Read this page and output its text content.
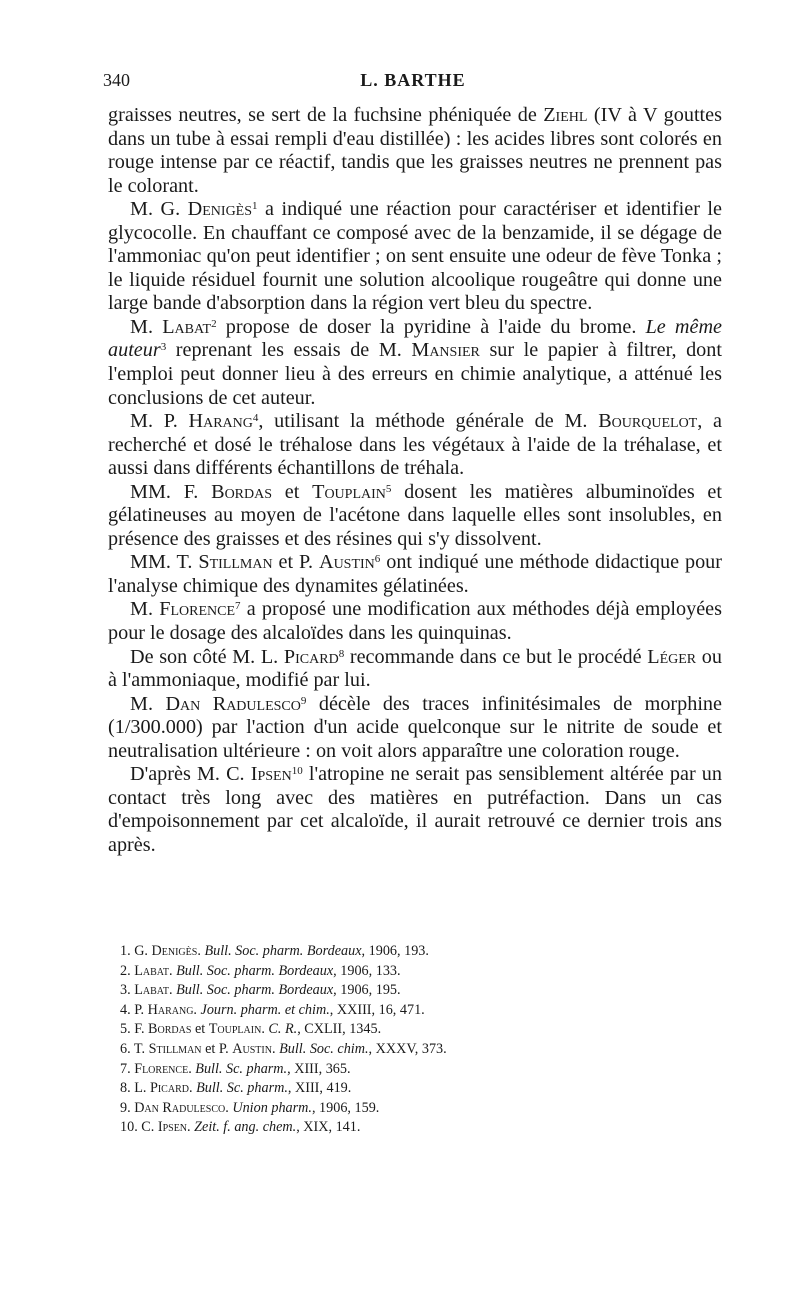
340	L. BARTHE

graisses neutres, se sert de la fuchsine phéniquée de Ziehl (IV à V gouttes dans un tube à essai rempli d'eau distillée) : les acides libres sont colorés en rouge intense par ce réactif, tandis que les graisses neutres ne prennent pas le colorant.

M. G. Denigès$^1$ a indiqué une réaction pour caractériser et identifier le glycocolle. En chauffant ce composé avec de la benzamide, il se dégage de l'ammoniac qu'on peut identifier ; on sent ensuite une odeur de fève Tonka ; le liquide résiduel fournit une solution alcoolique rougeâtre qui donne une large bande d'absorption dans la région vert bleu du spectre.

M. Labat$^2$ propose de doser la pyridine à l'aide du brome. Le même auteur$^3$ reprenant les essais de M. Mansier sur le papier à filtrer, dont l'emploi peut donner lieu à des erreurs en chimie analytique, a atténué les conclusions de cet auteur.

M. P. Harang$^4$, utilisant la méthode générale de M. Bourquelot, a recherché et dosé le tréhalose dans les végétaux à l'aide de la tréhalase, et aussi dans différents échantillons de tréhala.

MM. F. Bordas et Touplain$^5$ dosent les matières albuminoïdes et gélatineuses au moyen de l'acétone dans laquelle elles sont insolubles, en présence des graisses et des résines qui s'y dissolvent.

MM. T. Stillman et P. Austin$^6$ ont indiqué une méthode didactique pour l'analyse chimique des dynamites gélatinées.

M. Florence$^7$ a proposé une modification aux méthodes déjà employées pour le dosage des alcaloïdes dans les quinquinas.

De son côté M. L. Picard$^8$ recommande dans ce but le procédé Léger ou à l'ammoniaque, modifié par lui.

M. Dan Radulesco$^9$ décèle des traces infinitésimales de morphine (1/300.000) par l'action d'un acide quelconque sur le nitrite de soude et neutralisation ultérieure : on voit alors apparaître une coloration rouge.

D'après M. C. Ipsen$^{10}$ l'atropine ne serait pas sensiblement altérée par un contact très long avec des matières en putréfaction. Dans un cas d'empoisonnement par cet alcaloïde, il aurait retrouvé ce dernier trois ans après.

1. G. Denigès. Bull. Soc. pharm. Bordeaux, 1906, 193.
2. Labat. Bull. Soc. pharm. Bordeaux, 1906, 133.
3. Labat. Bull. Soc. pharm. Bordeaux, 1906, 195.
4. P. Harang. Journ. pharm. et chim., XXIII, 16, 471.
5. F. Bordas et Touplain. C. R., CXLII, 1345.
6. T. Stillman et P. Austin. Bull. Soc. chim., XXXV, 373.
7. Florence. Bull. Sc. pharm., XIII, 365.
8. L. Picard. Bull. Sc. pharm., XIII, 419.
9. Dan Radulesco. Union pharm., 1906, 159.
10. C. Ipsen. Zeit. f. ang. chem., XIX, 141.
